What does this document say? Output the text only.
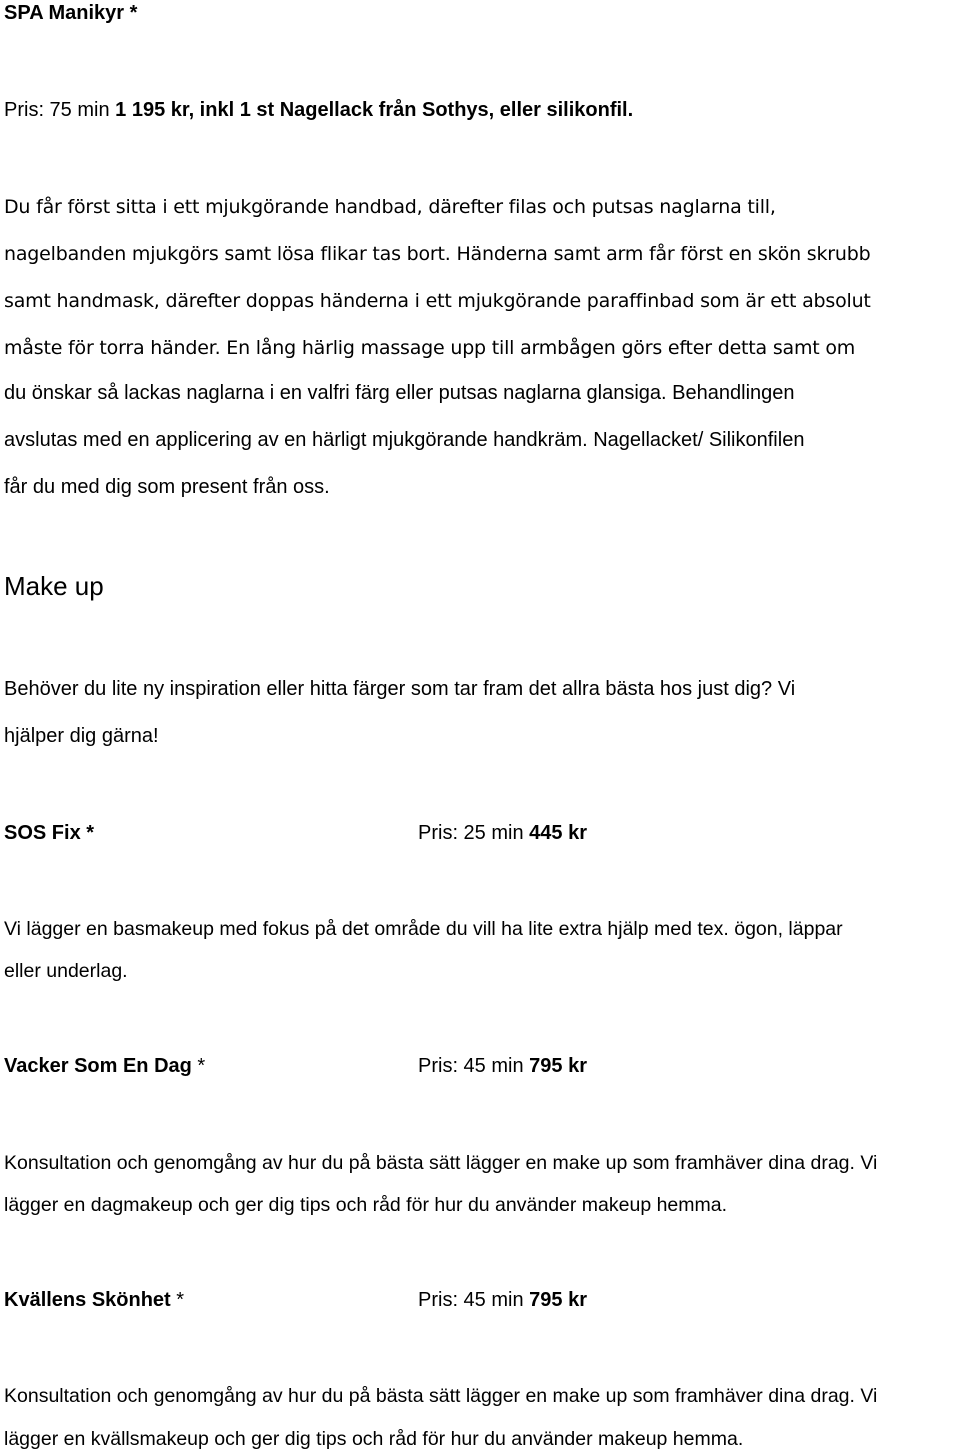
SPA Manikyr *
Pris: 75 min 1 195 kr, inkl 1 st Nagellack från Sothys, eller silikonfil.
Du får först sitta i ett mjukgörande handbad, därefter filas och putsas naglarna till,
nagelbanden mjukgörs samt lösa flikar tas bort. Händerna samt arm får först en skön skrubb
samt handmask, därefter doppas händerna i ett mjukgörande paraffinbad som är ett absolut
måste för torra händer. En lång härlig massage upp till armbågen görs efter detta samt om
du önskar så lackas naglarna i en valfri färg eller putsas naglarna glansiga. Behandlingen
avslutas med en applicering av en härligt mjukgörande handkräm. Nagellacket/ Silikonfilen
får du med dig som present från oss.
Make up
Behöver du lite ny inspiration eller hitta färger som tar fram det allra bästa hos just dig? Vi
hjälper dig gärna!
SOS Fix *	Pris: 25 min 445 kr
Vi lägger en basmakeup med fokus på det område du vill ha lite extra hjälp med tex. ögon, läppar
eller underlag.
Vacker Som En Dag *	Pris: 45 min 795 kr
Konsultation och genomgång av hur du på bästa sätt lägger en make up som framhäver dina drag. Vi
lägger en dagmakeup och ger dig tips och råd för hur du använder makeup hemma.
Kvällens Skönhet *	Pris: 45 min 795 kr
Konsultation och genomgång av hur du på bästa sätt lägger en make up som framhäver dina drag. Vi
lägger en kvällsmakeup och ger dig tips och råd för hur du använder makeup hemma.
